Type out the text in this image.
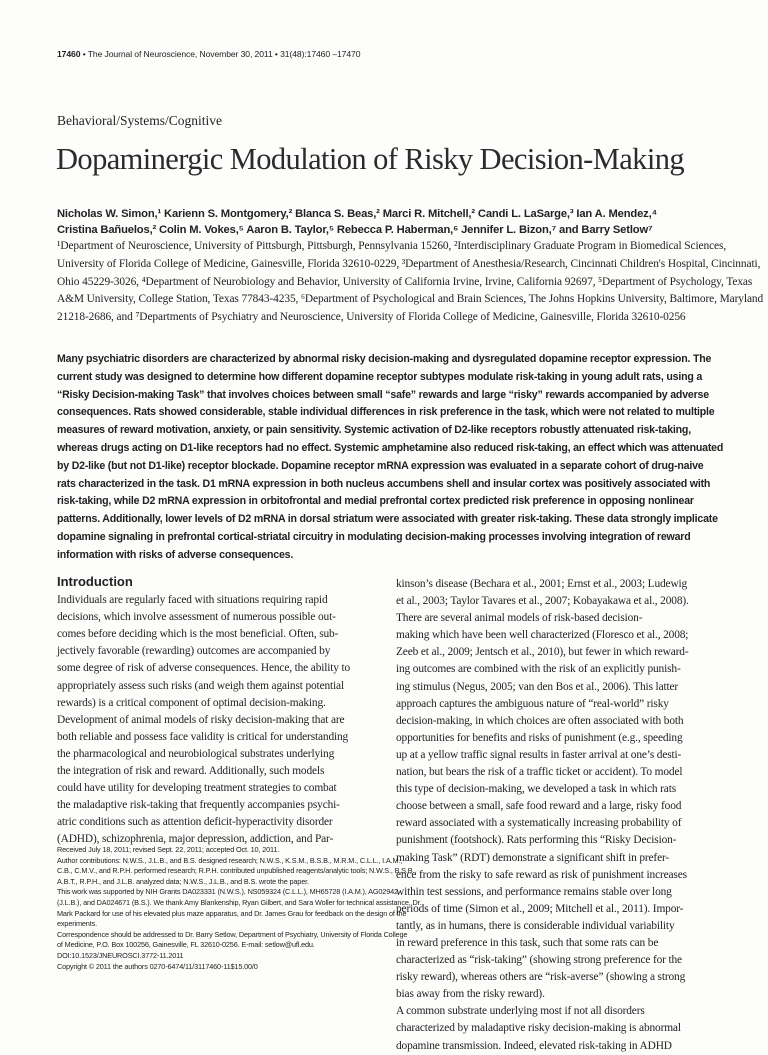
17460 • The Journal of Neuroscience, November 30, 2011 • 31(48):17460 –17470
Behavioral/Systems/Cognitive
Dopaminergic Modulation of Risky Decision-Making

Nicholas W. Simon,¹ Karienn S. Montgomery,² Blanca S. Beas,² Marci R. Mitchell,² Candi L. LaSarge,³ Ian A. Mendez,⁴

Cristina Bañuelos,² Colin M. Vokes,⁵ Aaron B. Taylor,⁵ Rebecca P. Haberman,⁶ Jennifer L. Bizon,⁷ and Barry Setlow⁷

¹Department of Neuroscience, University of Pittsburgh, Pittsburgh, Pennsylvania 15260, ²Interdisciplinary Graduate Program in Biomedical Sciences,

University of Florida College of Medicine, Gainesville, Florida 32610-0229, ³Department of Anesthesia/Research, Cincinnati Children's Hospital, Cincinnati,

Ohio 45229-3026, ⁴Department of Neurobiology and Behavior, University of California Irvine, Irvine, California 92697, ⁵Department of Psychology, Texas

A&M University, College Station, Texas 77843-4235, ⁶Department of Psychological and Brain Sciences, The Johns Hopkins University, Baltimore, Maryland

21218-2686, and ⁷Departments of Psychiatry and Neuroscience, University of Florida College of Medicine, Gainesville, Florida 32610-0256

Many psychiatric disorders are characterized by abnormal risky decision-making and dysregulated dopamine receptor expression. The

current study was designed to determine how different dopamine receptor subtypes modulate risk-taking in young adult rats, using a

“Risky Decision-making Task” that involves choices between small “safe” rewards and large “risky” rewards accompanied by adverse

consequences. Rats showed considerable, stable individual differences in risk preference in the task, which were not related to multiple

measures of reward motivation, anxiety, or pain sensitivity. Systemic activation of D2-like receptors robustly attenuated risk-taking,

whereas drugs acting on D1-like receptors had no effect. Systemic amphetamine also reduced risk-taking, an effect which was attenuated

by D2-like (but not D1-like) receptor blockade. Dopamine receptor mRNA expression was evaluated in a separate cohort of drug-naive

rats characterized in the task. D1 mRNA expression in both nucleus accumbens shell and insular cortex was positively associated with

risk-taking, while D2 mRNA expression in orbitofrontal and medial prefrontal cortex predicted risk preference in opposing nonlinear

patterns. Additionally, lower levels of D2 mRNA in dorsal striatum were associated with greater risk-taking. These data strongly implicate

dopamine signaling in prefrontal cortical-striatal circuitry in modulating decision-making processes involving integration of reward

information with risks of adverse consequences.

Introduction

Individuals are regularly faced with situations requiring rapid

decisions, which involve assessment of numerous possible out-

comes before deciding which is the most beneficial. Often, sub-

jectively favorable (rewarding) outcomes are accompanied by

some degree of risk of adverse consequences. Hence, the ability to

appropriately assess such risks (and weigh them against potential

rewards) is a critical component of optimal decision-making.

Development of animal models of risky decision-making that are

both reliable and possess face validity is critical for understanding

the pharmacological and neurobiological substrates underlying

the integration of risk and reward. Additionally, such models

could have utility for developing treatment strategies to combat

the maladaptive risk-taking that frequently accompanies psychi-

atric conditions such as attention deficit-hyperactivity disorder

(ADHD), schizophrenia, major depression, addiction, and Par-

Received July 18, 2011; revised Sept. 22, 2011; accepted Oct. 10, 2011.

Author contributions: N.W.S., J.L.B., and B.S. designed research; N.W.S., K.S.M., B.S.B., M.R.M., C.L.L., I.A.M.,

C.B., C.M.V., and R.P.H. performed research; R.P.H. contributed unpublished reagents/analytic tools; N.W.S., B.S.B.,

A.B.T., R.P.H., and J.L.B. analyzed data; N.W.S., J.L.B., and B.S. wrote the paper.

This work was supported by NIH Grants DA023331 (N.W.S.), NS059324 (C.L.L.), MH65728 (I.A.M.), AG02942

(J.L.B.), and DA024671 (B.S.). We thank Amy Blankenship, Ryan Gilbert, and Sara Woller for technical assistance, Dr.

Mark Packard for use of his elevated plus maze apparatus, and Dr. James Grau for feedback on the design of the

experiments.

Correspondence should be addressed to Dr. Barry Setlow, Department of Psychiatry, University of Florida College

of Medicine, P.O. Box 100256, Gainesville, FL 32610-0256. E-mail: setlow@ufl.edu.

DOI:10.1523/JNEUROSCI.3772-11.2011

Copyright © 2011 the authors 0270-6474/11/3117460-11$15.00/0

kinson’s disease (Bechara et al., 2001; Ernst et al., 2003; Ludewig

et al., 2003; Taylor Tavares et al., 2007; Kobayakawa et al., 2008).

There are several animal models of risk-based decision-

making which have been well characterized (Floresco et al., 2008;

Zeeb et al., 2009; Jentsch et al., 2010), but fewer in which reward-

ing outcomes are combined with the risk of an explicitly punish-

ing stimulus (Negus, 2005; van den Bos et al., 2006). This latter

approach captures the ambiguous nature of “real-world” risky

decision-making, in which choices are often associated with both

opportunities for benefits and risks of punishment (e.g., speeding

up at a yellow traffic signal results in faster arrival at one’s desti-

nation, but bears the risk of a traffic ticket or accident). To model

this type of decision-making, we developed a task in which rats

choose between a small, safe food reward and a large, risky food

reward associated with a systematically increasing probability of

punishment (footshock). Rats performing this “Risky Decision-

making Task” (RDT) demonstrate a significant shift in prefer-

ence from the risky to safe reward as risk of punishment increases

within test sessions, and performance remains stable over long

periods of time (Simon et al., 2009; Mitchell et al., 2011). Impor-

tantly, as in humans, there is considerable individual variability

in reward preference in this task, such that some rats can be

characterized as “risk-taking” (showing strong preference for the

risky reward), whereas others are “risk-averse” (showing a strong

bias away from the risky reward).

A common substrate underlying most if not all disorders

characterized by maladaptive risky decision-making is abnormal

dopamine transmission. Indeed, elevated risk-taking in ADHD
